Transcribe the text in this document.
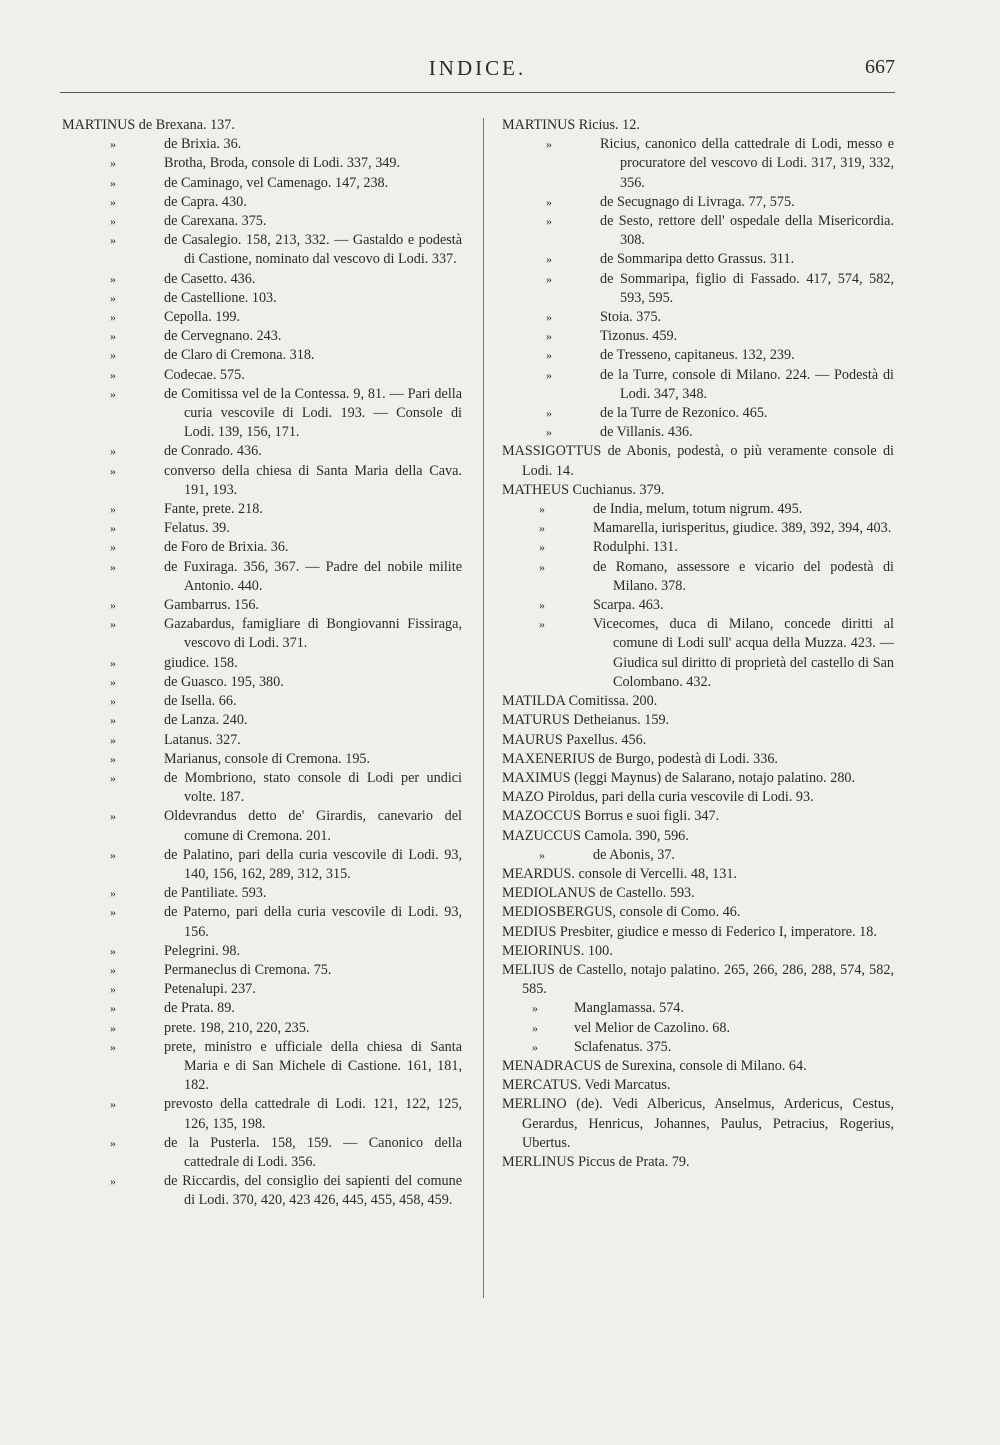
INDICE.	667
MARTINUS de Brexana. 137.
»	de Brixia. 36.
»	Brotha, Broda, console di Lodi. 337, 349.
»	de Caminago, vel Camenago. 147, 238.
»	de Capra. 430.
»	de Carexana. 375.
»	de Casalegio. 158, 213, 332. — Gastaldo e podestà di Castione, nominato dal vescovo di Lodi. 337.
»	de Casetto. 436.
»	de Castellione. 103.
»	Cepolla. 199.
»	de Cervegnano. 243.
»	de Claro di Cremona. 318.
»	Codecae. 575.
»	de Comitissa vel de la Contessa. 9, 81. — Pari della curia vescovile di Lodi. 193. — Console di Lodi. 139, 156, 171.
»	de Conrado. 436.
»	conversо della chiesa di Santa Maria della Cava. 191, 193.
»	Fante, prete. 218.
»	Felatus. 39.
»	de Foro de Brixia. 36.
»	de Fuxiraga. 356, 367. — Padre del nobile milite Antonio. 440.
»	Gambarrus. 156.
»	Gazabardus, famigliare di Bongiovanni Fissiraga, vescovo di Lodi. 371.
»	giudice. 158.
»	de Guasco. 195, 380.
»	de Isella. 66.
»	de Lanza. 240.
»	Latanus. 327.
»	Marianus, console di Cremona. 195.
»	de Mombriono, stato console di Lodi per undici volte. 187.
»	Oldevrandus detto de' Girardis, canevario del comune di Cremona. 201.
»	de Palatino, pari della curia vescovile di Lodi. 93, 140, 156, 162, 289, 312, 315.
»	de Pantiliate. 593.
»	de Paterno, pari della curia vescovile di Lodi. 93, 156.
»	Pelegrini. 98.
»	Permaneclus di Cremona. 75.
»	Petenalupi. 237.
»	de Prata. 89.
»	prete. 198, 210, 220, 235.
»	prete, ministro e ufficiale della chiesa di Santa Maria e di San Michele di Castione. 161, 181, 182.
»	prevosto della cattedrale di Lodi. 121, 122, 125, 126, 135, 198.
»	de la Pusterla. 158, 159. — Canonico della cattedrale di Lodi. 356.
»	de Riccardis, del consiglio dei sapienti del comune di Lodi. 370, 420, 423 426, 445, 455, 458, 459.
MARTINUS Ricius. 12.
»	Ricius, canonico della cattedrale di Lodi, messo e procuratore del vescovo di Lodi. 317, 319, 332, 356.
»	de Secugnago di Livraga. 77, 575.
»	de Sesto, rettore dell' ospedale della Misericordia. 308.
»	de Sommaripa detto Grassus. 311.
»	de Sommaripa, figlio di Fassado. 417, 574, 582, 593, 595.
»	Stoia. 375.
»	Tizonus. 459.
»	de Tresseno, capitaneus. 132, 239.
»	de la Turre, console di Milano. 224. — Podestà di Lodi. 347, 348.
»	de la Turre de Rezonico. 465.
»	de Villanis. 436.
MASSIGOTTUS de Abonis, podestà, o più veramente console di Lodi. 14.
MATHEUS Cuchianus. 379.
»	de India, melum, totum nigrum. 495.
»	Mamarella, iurisperitus, giudice. 389, 392, 394, 403.
»	Rodulphi. 131.
»	de Romano, assessore e vicario del podestà di Milano. 378.
»	Scarpa. 463.
»	Vicecomes, duca di Milano, concede diritti al comune di Lodi sull' acqua della Muzza. 423. — Giudica sul diritto di proprietà del castello di San Colombano. 432.
MATILDA Comitissa. 200.
MATURUS Detheianus. 159.
MAURUS Paxellus. 456.
MAXENERIUS de Burgo, podestà di Lodi. 336.
MAXIMUS (leggi Maynus) de Salarano, notajo palatino. 280.
MAZO Piroldus, pari della curia vescovile di Lodi. 93.
MAZOCCUS Borrus e suoi figli. 347.
MAZUCCUS Camola. 390, 596.
»	de Abonis, 37.
MEARDUS. console di Vercelli. 48, 131.
MEDIOLANUS de Castello. 593.
MEDIOSBERGUS, console di Como. 46.
MEDIUS Presbiter, giudice e messo di Federico I, imperatore. 18.
MEIORINUS. 100.
MELIUS de Castello, notajo palatino. 265, 266, 286, 288, 574, 582, 585.
»	Manglamassa. 574.
»	vel Melior de Cazolino. 68.
»	Sclafenatus. 375.
MENADRACUS de Surexina, console di Milano. 64.
MERCATUS. Vedi Marcatus.
MERLINO (de). Vedi Albericus, Anselmus, Ardericus, Cestus, Gerardus, Henricus, Johannes, Paulus, Petracius, Rogerius, Ubertus.
MERLINUS Piccus de Prata. 79.
